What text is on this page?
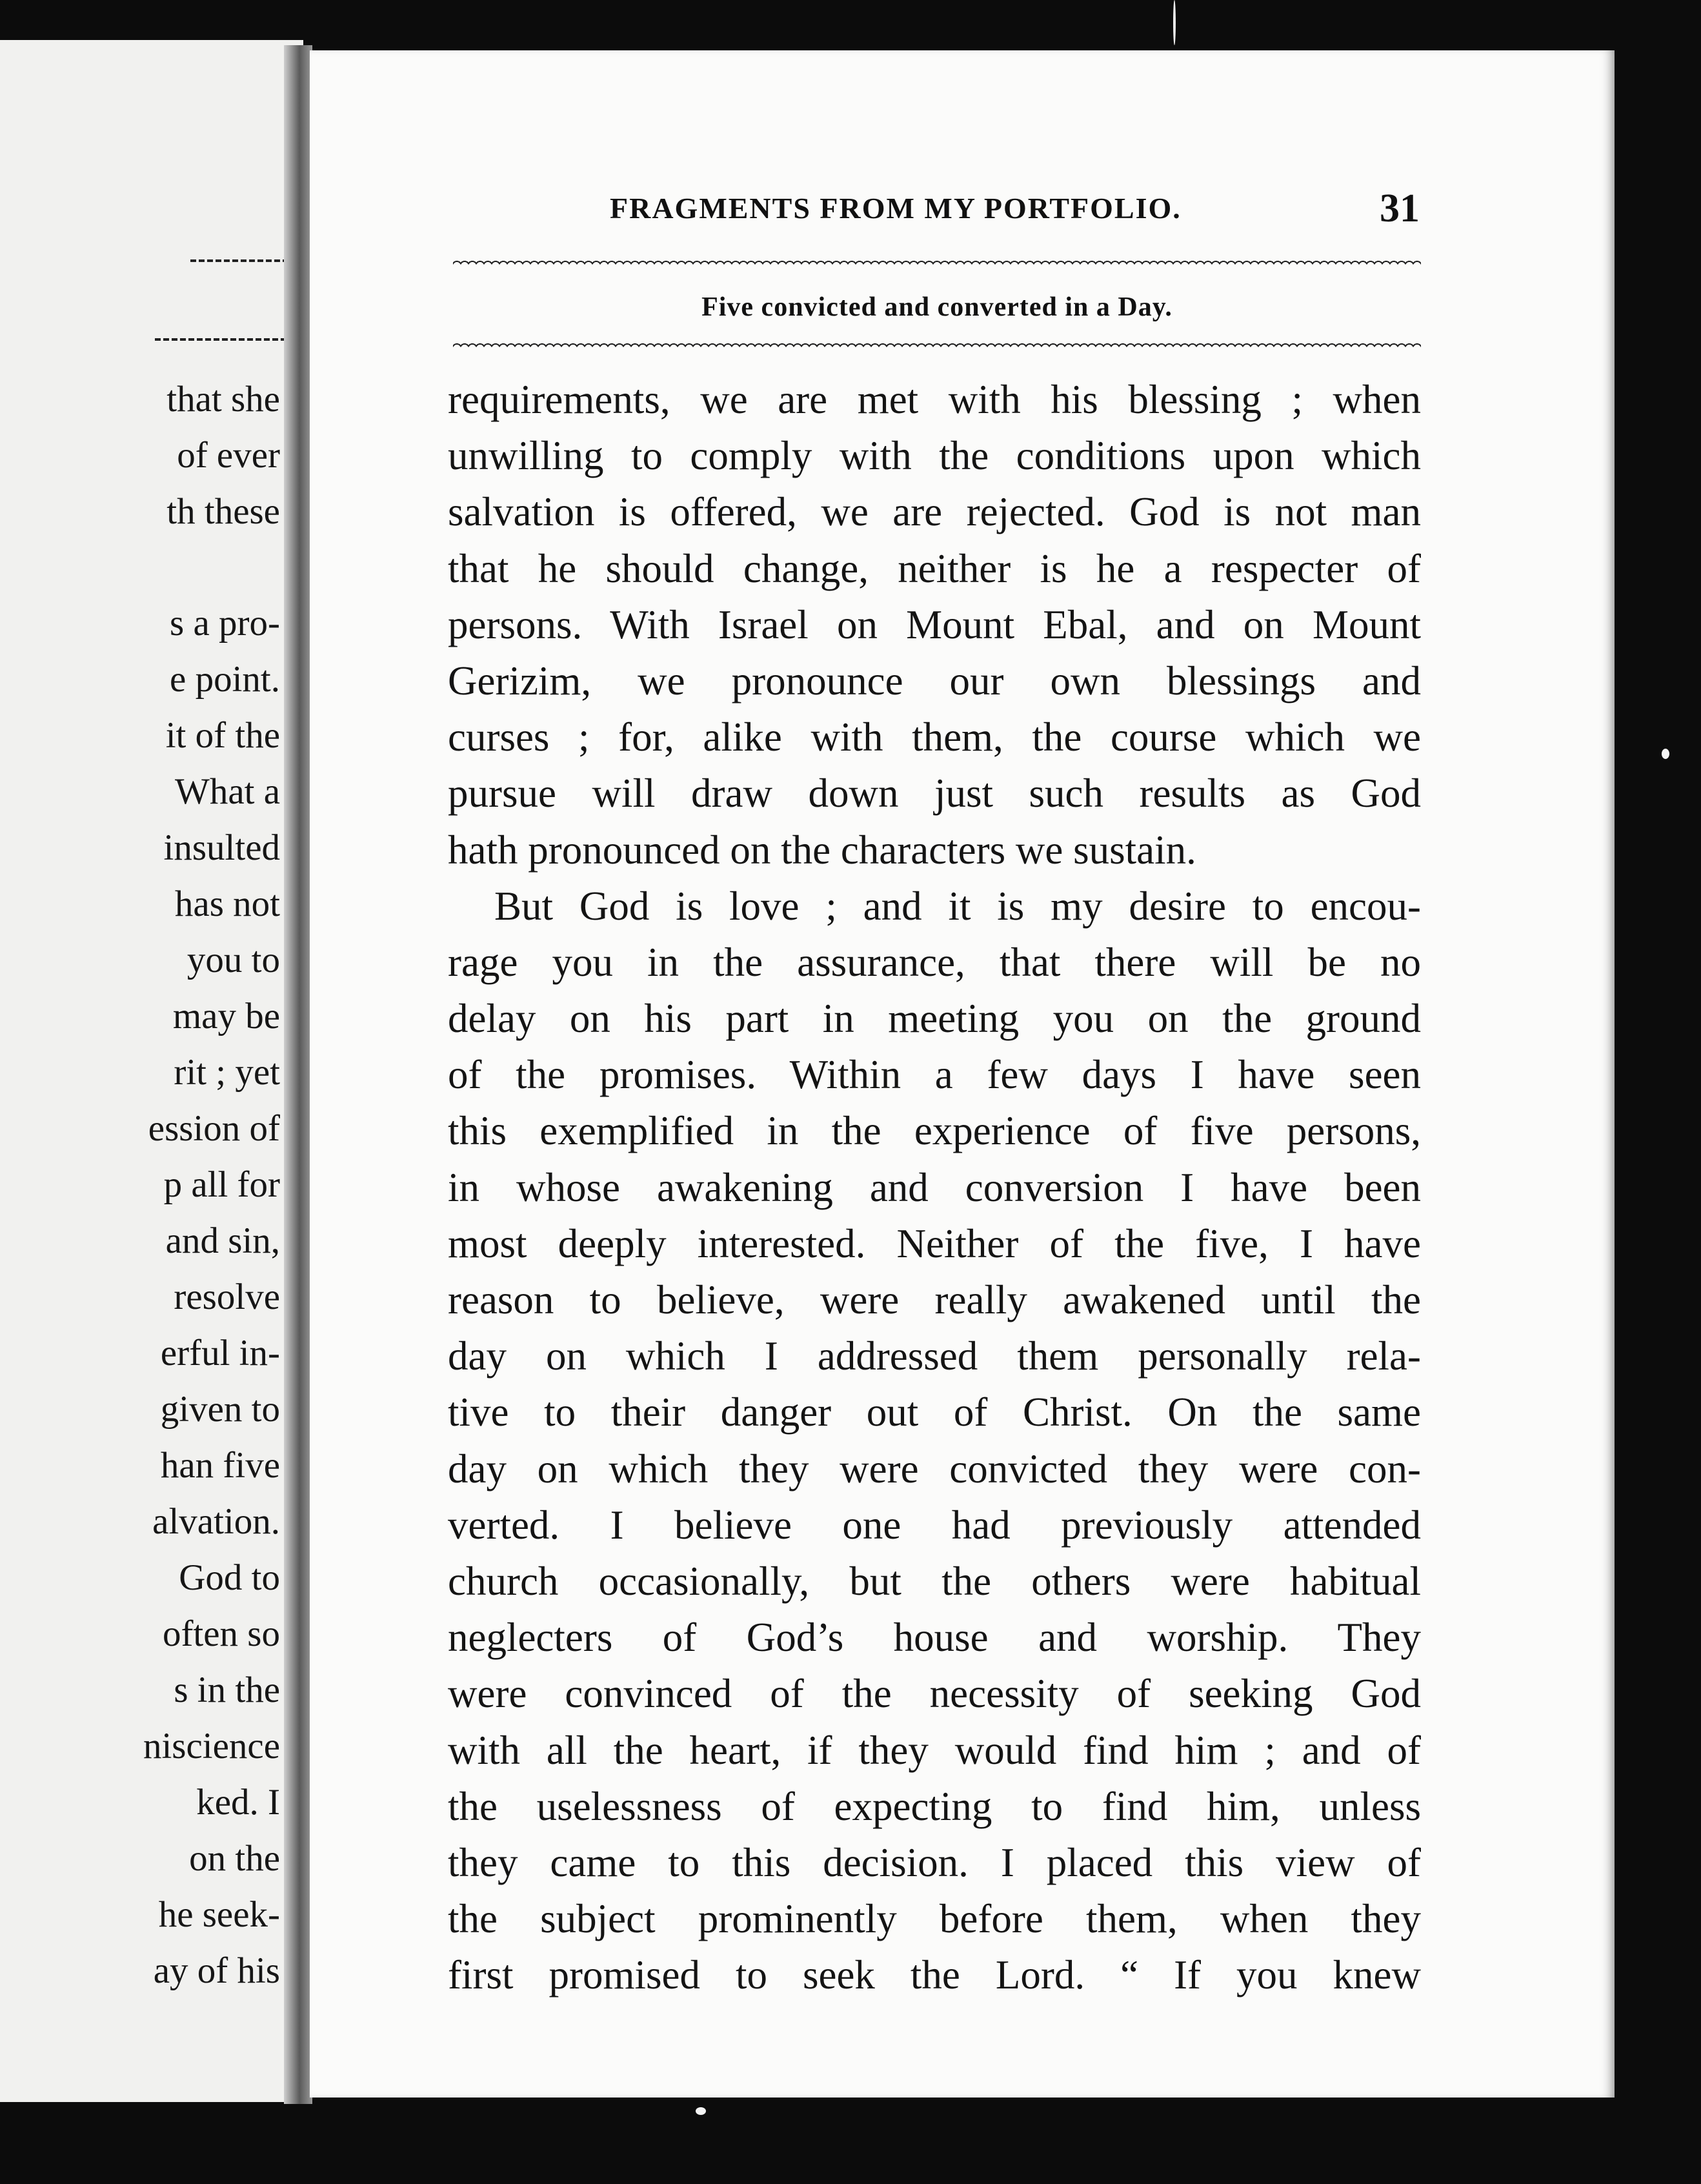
that she
of ever
th these
s a pro-
e point.
it of the
What a
insulted
has not
you to
may be
rit ; yet
ession of
p all for
and sin,
resolve
erful in-
given to
han five
alvation.
God to
often so
s in the
niscience
ked. I
on the
he seek-
ay of his
FRAGMENTS FROM MY PORTFOLIO.	31
Five convicted and converted in a Day.
requirements, we are met with his blessing ; when
unwilling to comply with the conditions upon which
salvation is offered, we are rejected. God is not man
that he should change, neither is he a respecter of
persons. With Israel on Mount Ebal, and on Mount
Gerizim, we pronounce our own blessings and
curses ; for, alike with them, the course which we
pursue will draw down just such results as God
hath pronounced on the characters we sustain.
But God is love ; and it is my desire to encou-
rage you in the assurance, that there will be no
delay on his part in meeting you on the ground
of the promises. Within a few days I have seen
this exemplified in the experience of five persons,
in whose awakening and conversion I have been
most deeply interested. Neither of the five, I have
reason to believe, were really awakened until the
day on which I addressed them personally rela-
tive to their danger out of Christ. On the same
day on which they were convicted they were con-
verted. I believe one had previously attended
church occasionally, but the others were habitual
neglecters of God’s house and worship. They
were convinced of the necessity of seeking God
with all the heart, if they would find him ; and of
the uselessness of expecting to find him, unless
they came to this decision. I placed this view of
the subject prominently before them, when they
first promised to seek the Lord. “ If you knew
